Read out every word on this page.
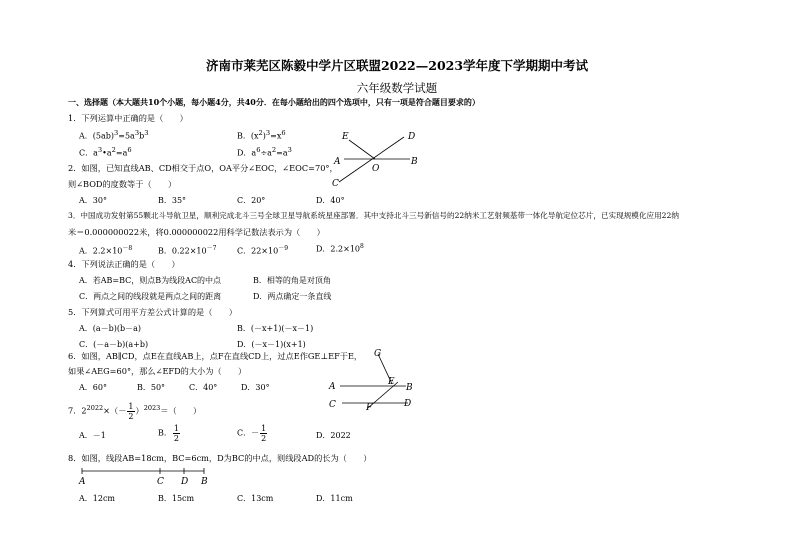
济南市莱芜区陈毅中学片区联盟2022—2023学年度下学期期中考试
六年级数学试题
一、选择题（本大题共10个小题，每小题4分，共40分．在每小题给出的四个选项中，只有一项是符合题目要求的）
1．下列运算中正确的是（　　）
A．$(5ab)^3=5a^3b^3$	B．$(x^2)^3=x^6$
C．$a^3•a^2=a^6$	D．$a^6\div a^2=a^3$
E	D
A
O
B
C
2．如图，已知直线AB、CD相交于点O，OA平分∠EOC，∠EOC=70°，
则∠BOD的度数等于（　　）
A．30°	B．35°	C．20°	D．40°
3．中国成功发射第55颗北斗导航卫星，顺利完成北斗三号全球卫星导航系统星座部署．其中支持北斗三号新信号的22纳米工艺射频基带一体化导航定位芯片，已实现规模化应用22纳
米＝0.000000022米，将0.000000022用科学记数法表示为（　　）
A．$2.2\times 10^{-8}$	B．$0.22\times 10^{-7}$	C．$22\times 10^{-9}$	D．$2.2\times 10^8$
4．下列说法正确的是（　　）
A．若AB=BC，则点B为线段AC的中点	B．相等的角是对顶角
C．两点之间的线段就是两点之间的距离	D．两点确定一条直线
5．下列算式可用平方差公式计算的是（　　）
A．(a－b)(b－a)	B．(－x+1)(－x－1)
C．(－a－b)(a+b)	D．(－x－1)(x+1)
6．如图，AB∥CD，点E在直线AB上，点F在直线CD上，过点E作GE⊥EF于E，
如果∠AEG=60°，那么∠EFD的大小为（　　）
A．60°	B．50°	C．40°	D．30°
G
A	E
B
C	F	D
7．$2^{2022}\times(- \frac{1}{2} )^{2023}=$（　　）
A．－1	B． $\frac{1}{2}$	C．－ $\frac{1}{2}$	D．2022
8．如图，线段AB=18cm，BC=6cm，D为BC的中点，则线段AD的长为（　　）
A	C D B
A．12cm	B．15cm	C．13cm	D．11cm
